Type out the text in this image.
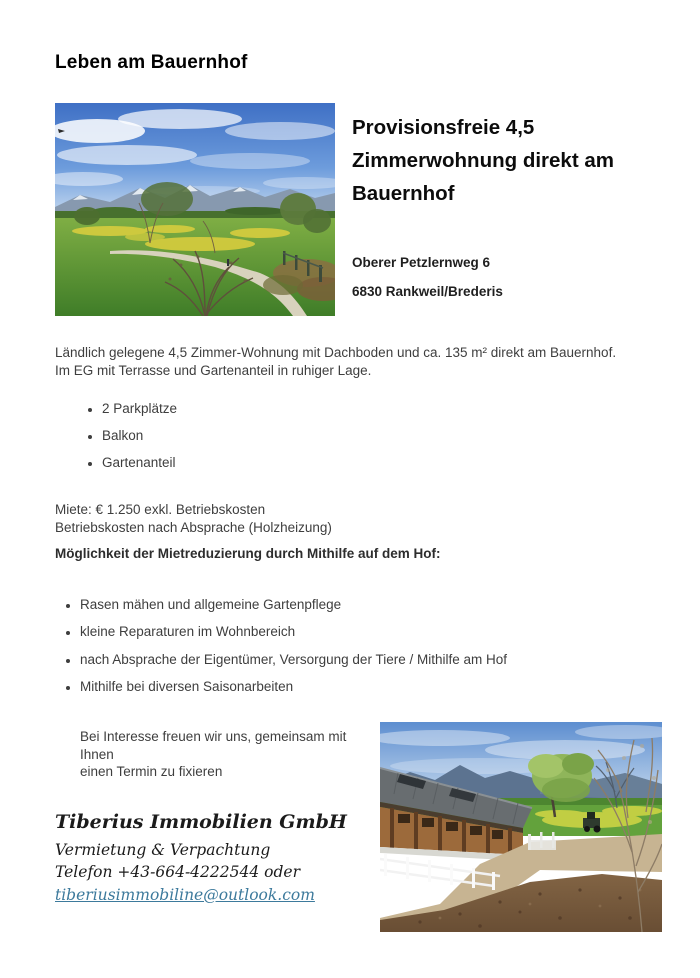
Leben am Bauernhof
Provisionsfreie 4,5 Zimmerwohnung direkt am Bauernhof

Oberer Petzlernweg 6

6830 Rankweil/Brederis

Ländlich gelegene 4,5 Zimmer-Wohnung mit Dachboden und ca. 135 m² direkt am Bauernhof.

Im EG mit Terrasse und Gartenanteil in ruhiger Lage.

• 2 Parkplätze
• Balkon
• Gartenanteil

Miete: € 1.250 exkl. Betriebskosten

Betriebskosten nach Absprache (Holzheizung)

Möglichkeit der Mietreduzierung durch Mithilfe auf dem Hof:

• Rasen mähen und allgemeine Gartenpflege
• kleine Reparaturen im Wohnbereich
• nach Absprache der Eigentümer, Versorgung der Tiere / Mithilfe am Hof
• Mithilfe bei diversen Saisonarbeiten

Bei Interesse freuen wir uns, gemeinsam mit Ihnen

einen Termin zu fixieren

Tiberius Immobilien GmbH

Vermietung & Verpachtung

Telefon +43-664-4222544 oder

tiberiusimmobiline@outlook.com
